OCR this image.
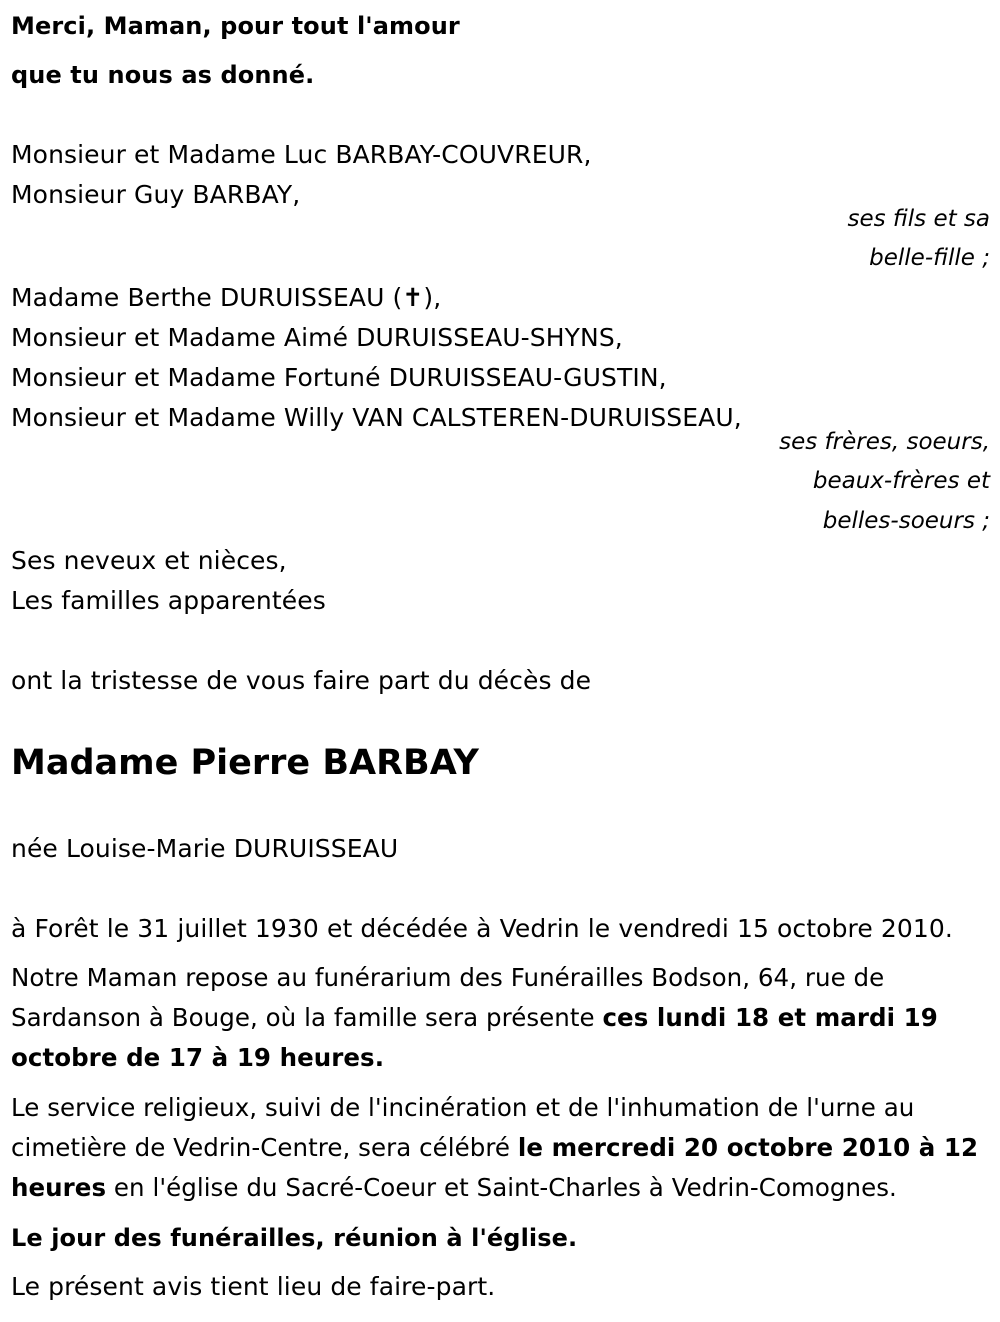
Merci, Maman, pour tout l'amour
que tu nous as donné.
Monsieur et Madame Luc BARBAY-COUVREUR,
Monsieur Guy BARBAY,
ses fils et sa
belle-fille ;
Madame Berthe DURUISSEAU (✝),
Monsieur et Madame Aimé DURUISSEAU-SHYNS,
Monsieur et Madame Fortuné DURUISSEAU-GUSTIN,
Monsieur et Madame Willy VAN CALSTEREN-DURUISSEAU,
ses frères, soeurs,
beaux-frères et
belles-soeurs ;
Ses neveux et nièces,
Les familles apparentées
ont la tristesse de vous faire part du décès de
Madame Pierre BARBAY
née Louise-Marie DURUISSEAU
à Forêt le 31 juillet 1930 et décédée à Vedrin le vendredi 15 octobre 2010.
Notre Maman repose au funérarium des Funérailles Bodson, 64, rue de Sardanson à Bouge, où la famille sera présente ces lundi 18 et mardi 19 octobre de 17 à 19 heures.
Le service religieux, suivi de l'incinération et de l'inhumation de l'urne au cimetière de Vedrin-Centre, sera célébré le mercredi 20 octobre 2010 à 12 heures en l'église du Sacré-Coeur et Saint-Charles à Vedrin-Comognes.
Le jour des funérailles, réunion à l'église.
Le présent avis tient lieu de faire-part.
